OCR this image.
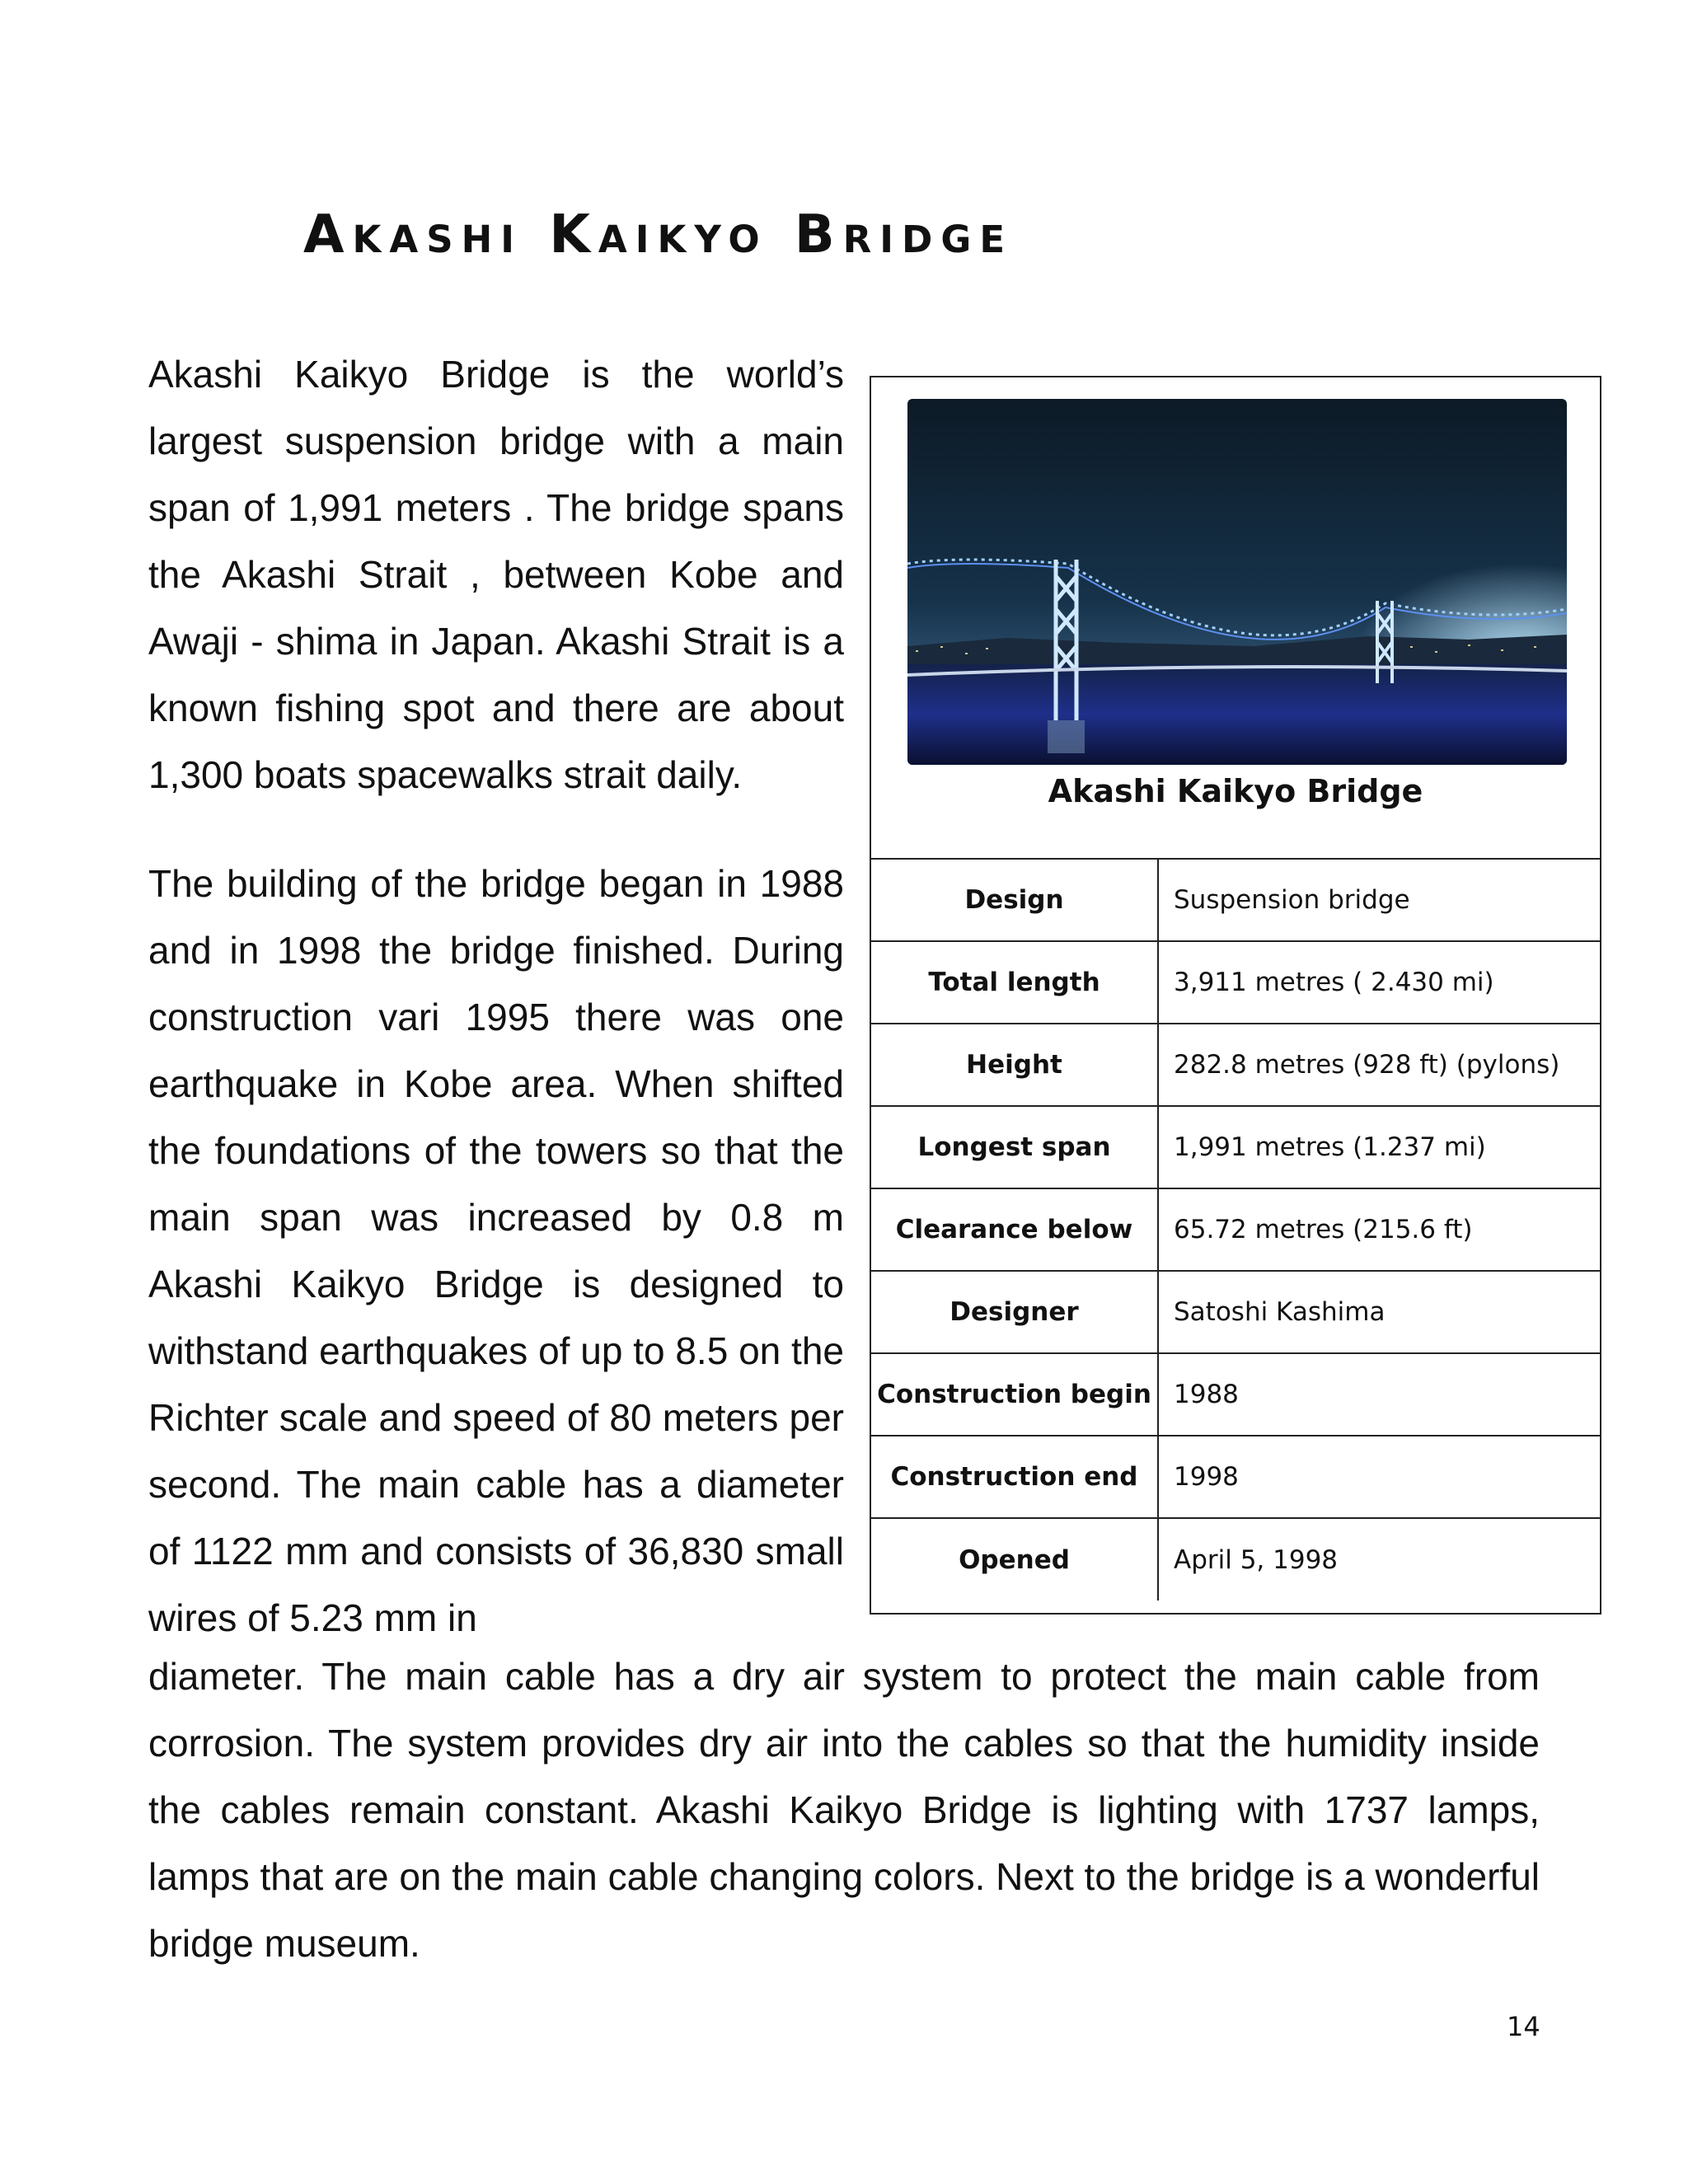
Akashi Kaikyo Bridge

Akashi Kaikyo Bridge is the world’s largest suspension bridge with a main span of 1,991 meters . The bridge spans the Akashi Strait , between Kobe and Awaji - shima in Japan. Akashi Strait is a known fishing spot and there are about 1,300 boats spacewalks strait daily.

The building of the bridge began in 1988 and in 1998 the bridge finished. During construction vari 1995 there was one earthquake in Kobe area. When shifted the foundations of the towers so that the main span was increased by 0.8 m Akashi Kaikyo Bridge is designed to withstand earthquakes of up to 8.5 on the Richter scale and speed of 80 meters per second. The main cable has a diameter of 1122 mm and consists of 36,830 small wires of 5.23 mm in

diameter. The main cable has a dry air system to protect the main cable from corrosion. The system provides dry air into the cables so that the humidity inside the cables remain constant. Akashi Kaikyo Bridge is lighting with 1737 lamps, lamps that are on the main cable changing colors. Next to the bridge is a wonderful bridge museum.

Akashi Kaikyo Bridge
Design	Suspension bridge
Total length	3,911 metres ( 2.430 mi)
Height	282.8 metres (928 ft) (pylons)
Longest span	1,991 metres (1.237 mi)
Clearance below	65.72 metres (215.6 ft)
Designer	Satoshi Kashima
Construction begin	1988
Construction end	1998
Opened	April 5, 1998
14
